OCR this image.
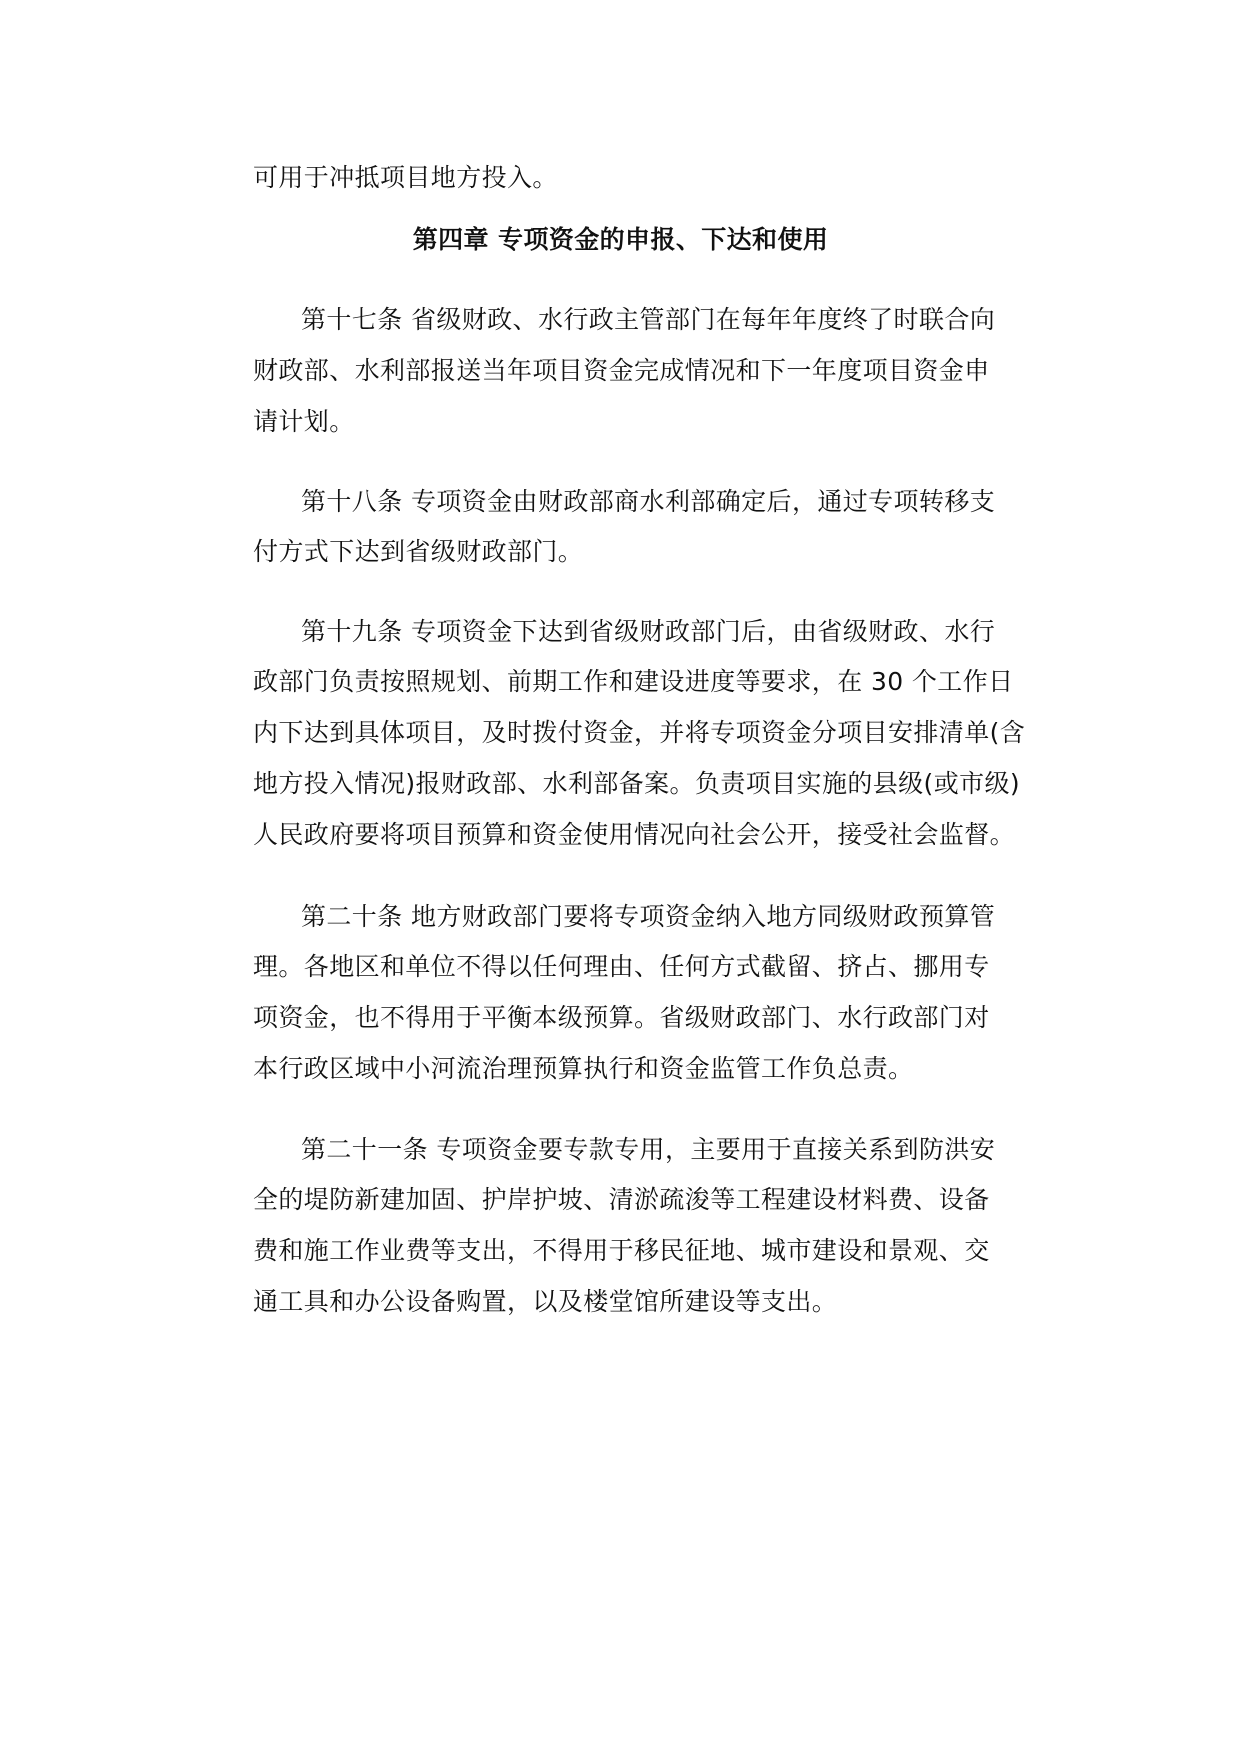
可用于冲抵项目地方投入。
第四章 专项资金的申报、下达和使用
第十七条 省级财政、水行政主管部门在每年年度终了时联合向
财政部、水利部报送当年项目资金完成情况和下一年度项目资金申
请计划。
第十八条 专项资金由财政部商水利部确定后，通过专项转移支
付方式下达到省级财政部门。
第十九条 专项资金下达到省级财政部门后，由省级财政、水行
政部门负责按照规划、前期工作和建设进度等要求，在 30 个工作日
内下达到具体项目，及时拨付资金，并将专项资金分项目安排清单(含
地方投入情况)报财政部、水利部备案。负责项目实施的县级(或市级)
人民政府要将项目预算和资金使用情况向社会公开，接受社会监督。
第二十条 地方财政部门要将专项资金纳入地方同级财政预算管
理。各地区和单位不得以任何理由、任何方式截留、挤占、挪用专
项资金，也不得用于平衡本级预算。省级财政部门、水行政部门对
本行政区域中小河流治理预算执行和资金监管工作负总责。
第二十一条 专项资金要专款专用，主要用于直接关系到防洪安
全的堤防新建加固、护岸护坡、清淤疏浚等工程建设材料费、设备
费和施工作业费等支出，不得用于移民征地、城市建设和景观、交
通工具和办公设备购置，以及楼堂馆所建设等支出。
